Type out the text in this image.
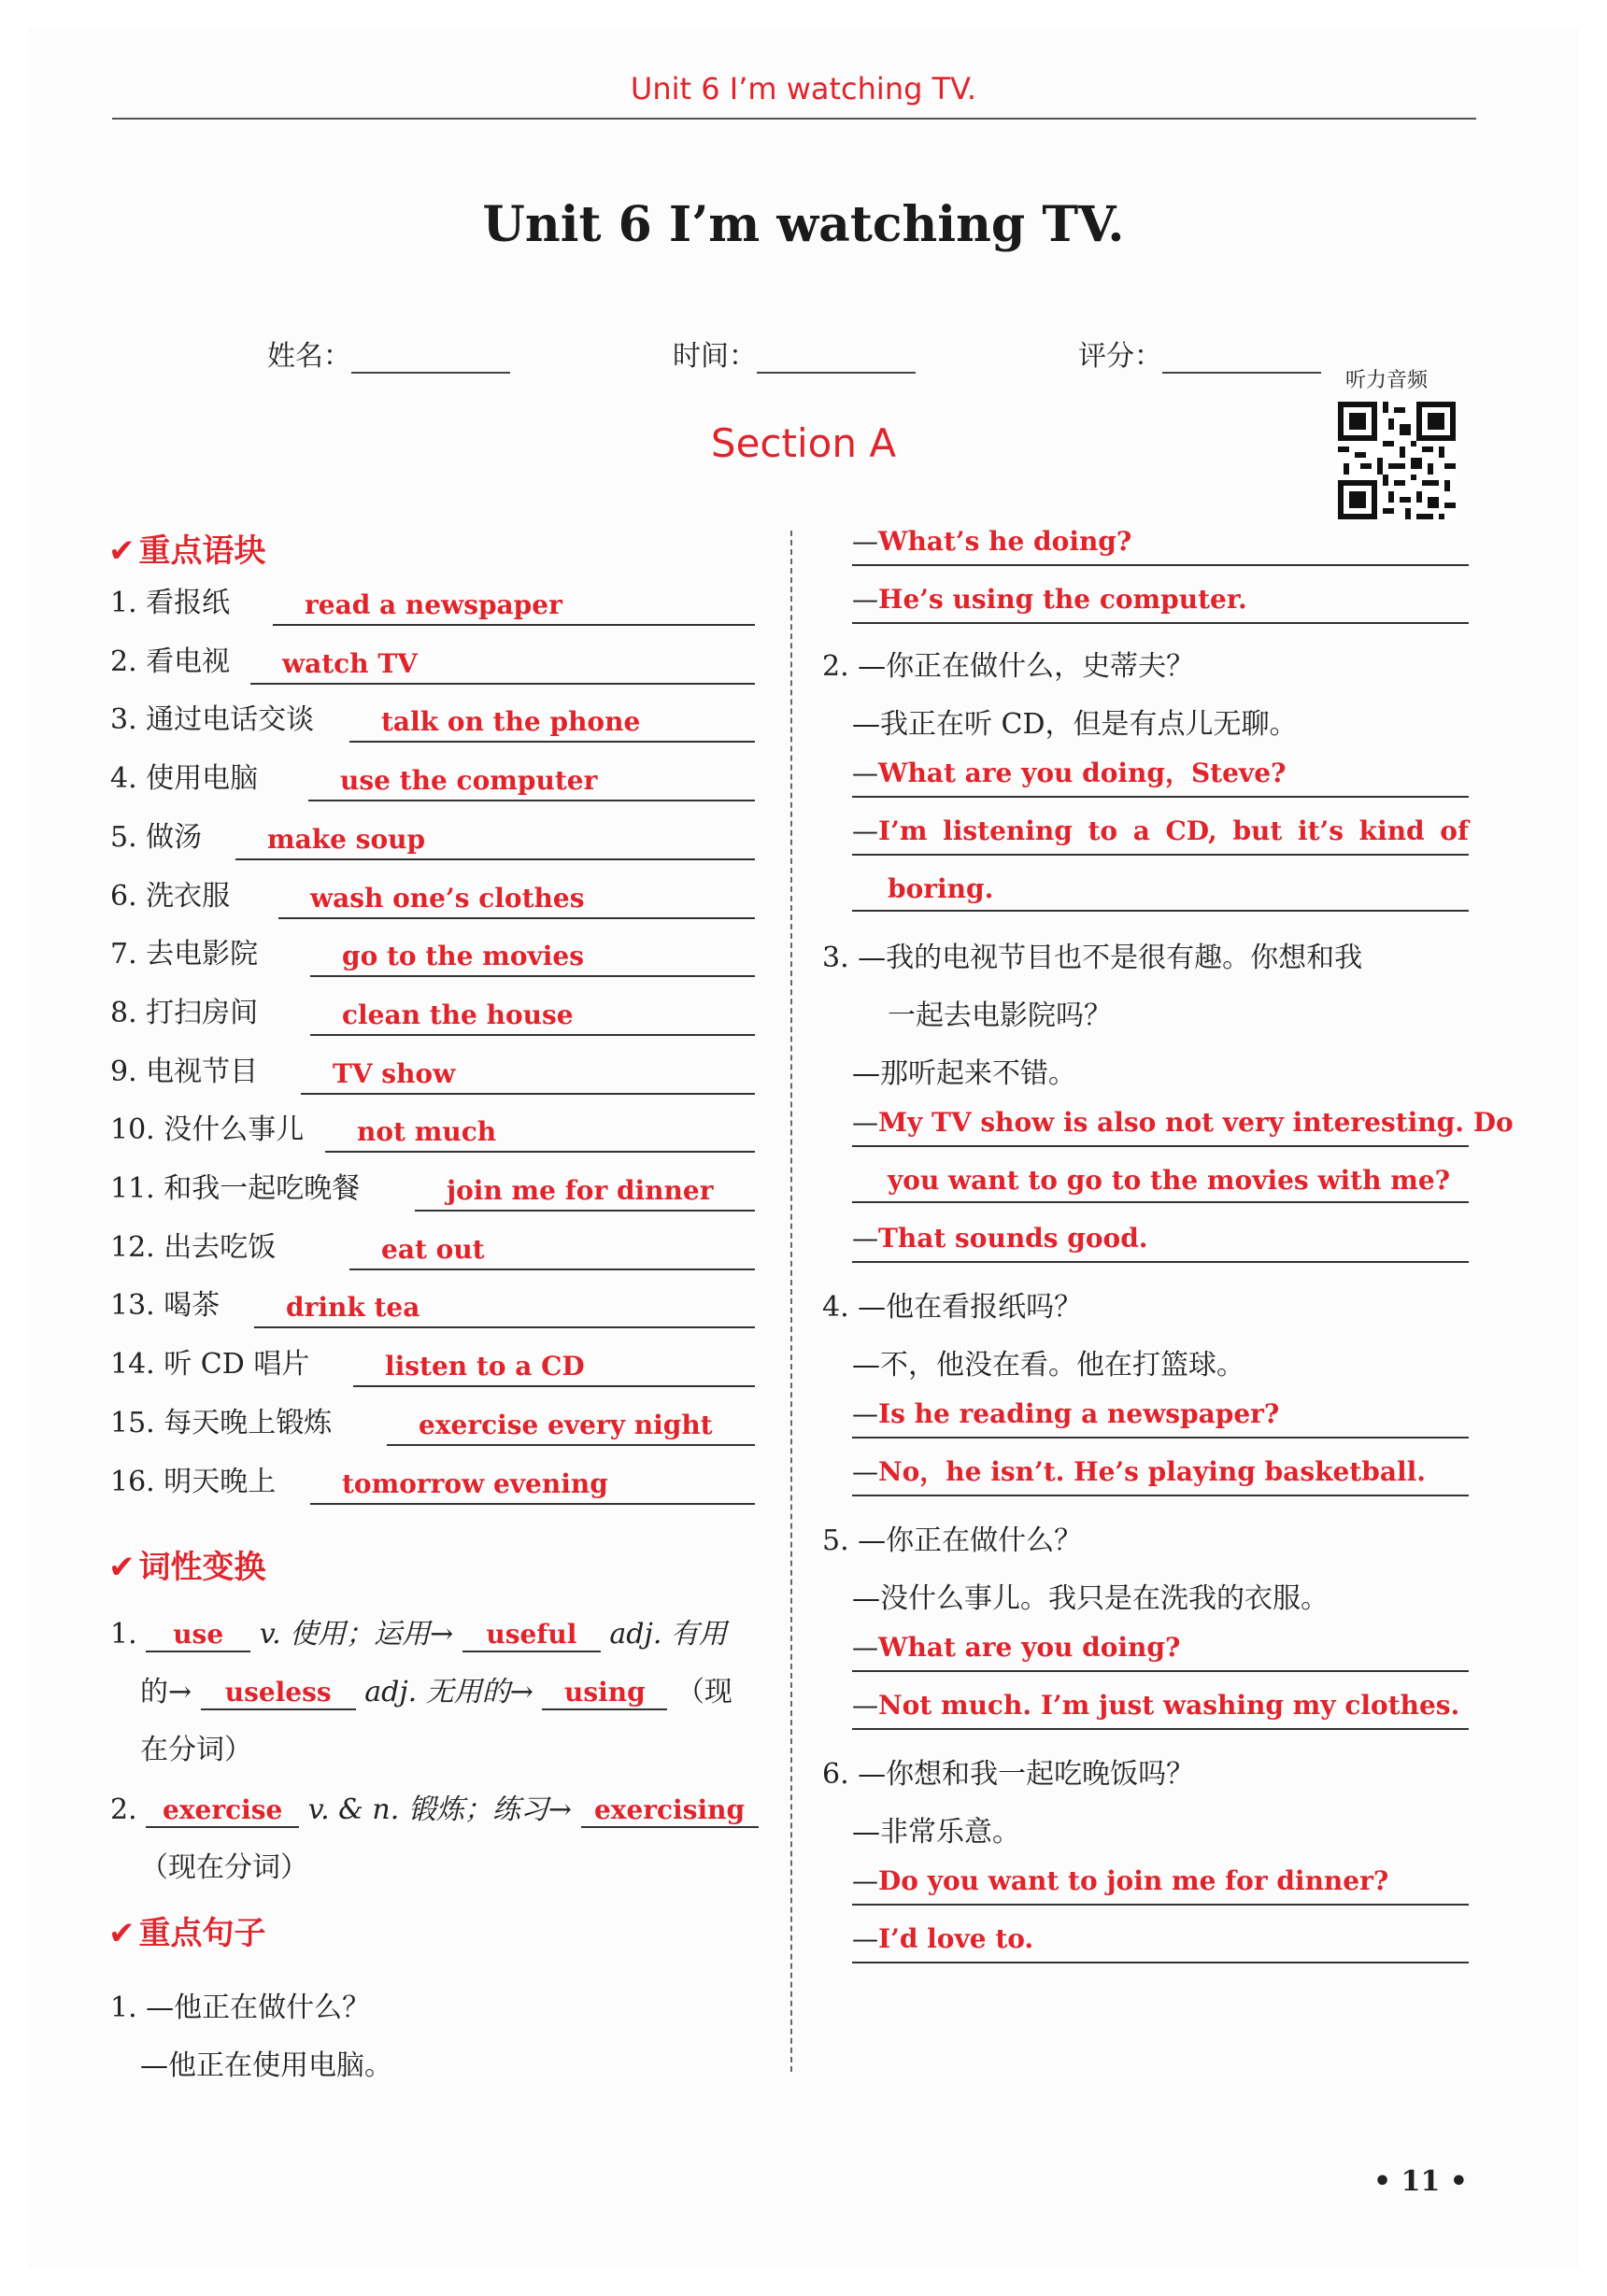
Unit 6 I’m watching TV.
Unit 6 I’m watching TV.
姓名：	时间：	评分：
听力音频
Section A
✔ 重点语块
1. 看报纸	read a newspaper
2. 看电视	watch TV
3. 通过电话交谈	talk on the phone
4. 使用电脑	use the computer
5. 做汤	make soup
6. 洗衣服	wash one’s clothes
7. 去电影院	go to the movies
8. 打扫房间	clean the house
9. 电视节目	TV show
10. 没什么事儿	not much
11. 和我一起吃晚餐	join me for dinner
12. 出去吃饭	eat out
13. 喝茶	drink tea
14. 听 CD 唱片	listen to a CD
15. 每天晚上锻炼	exercise every night
16. 明天晚上	tomorrow evening
✔ 词性变换
1. use v. 使用；运用→ useful adj. 有用
的→ useless adj. 无用的→ using （现
在分词）
2. exercise v. & n. 锻炼；练习→ exercising
（现在分词）
✔ 重点句子
1. —他正在做什么？
—他正在使用电脑。
—What’s he doing?
—He’s using the computer.
2. —你正在做什么，史蒂夫？
—我正在听 CD，但是有点儿无聊。
—What are you doing，Steve?
—I’m listening to a CD, but it’s kind of
boring.
3. —我的电视节目也不是很有趣。你想和我
一起去电影院吗？
—那听起来不错。
—My TV show is also not very interesting. Do
you want to go to the movies with me?
—That sounds good.
4. —他在看报纸吗？
—不，他没在看。他在打篮球。
—Is he reading a newspaper?
—No，he isn’t. He’s playing basketball.
5. —你正在做什么？
—没什么事儿。我只是在洗我的衣服。
—What are you doing?
—Not much. I’m just washing my clothes.
6. —你想和我一起吃晚饭吗？
—非常乐意。
—Do you want to join me for dinner?
—I’d love to.
• 11 •
